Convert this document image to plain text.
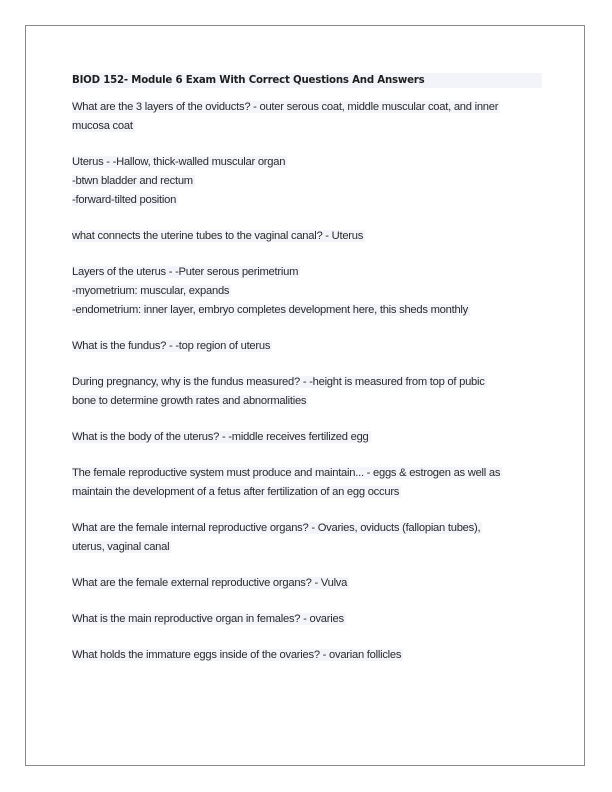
BIOD 152- Module 6 Exam With Correct Questions And Answers
What are the 3 layers of the oviducts? - outer serous coat, middle muscular coat, and inner
mucosa coat
Uterus - -Hallow, thick-walled muscular organ
-btwn bladder and rectum
-forward-tilted position
what connects the uterine tubes to the vaginal canal? - Uterus
Layers of the uterus - -Puter serous perimetrium
-myometrium: muscular, expands
-endometrium: inner layer, embryo completes development here, this sheds monthly
What is the fundus? - -top region of uterus
During pregnancy, why is the fundus measured? - -height is measured from top of pubic
bone to determine growth rates and abnormalities
What is the body of the uterus? - -middle receives fertilized egg
The female reproductive system must produce and maintain... - eggs & estrogen as well as
maintain the development of a fetus after fertilization of an egg occurs
What are the female internal reproductive organs? - Ovaries, oviducts (fallopian tubes),
uterus, vaginal canal
What are the female external reproductive organs? - Vulva
What is the main reproductive organ in females? - ovaries
What holds the immature eggs inside of the ovaries? - ovarian follicles
